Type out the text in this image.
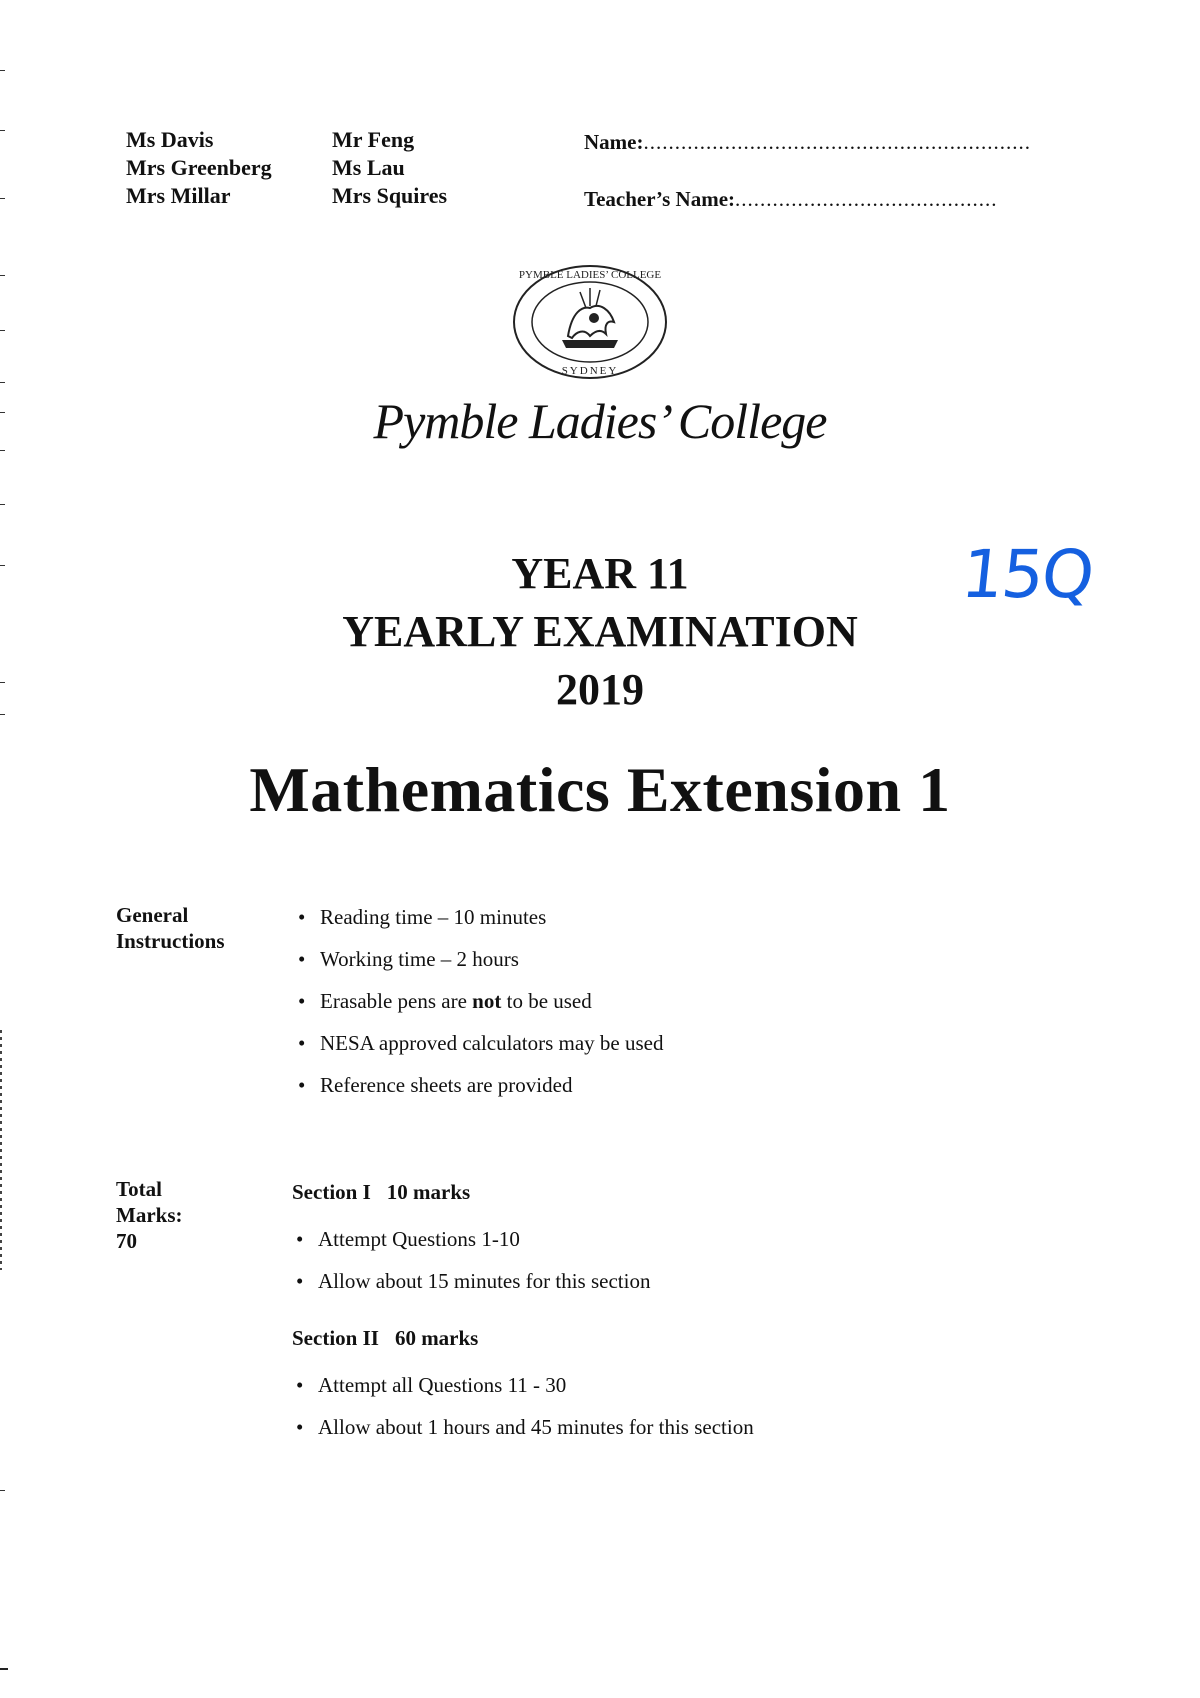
Ms Davis
Mrs Greenberg
Mrs Millar
Mr Feng
Ms Lau
Mrs Squires
Name:..............................................................
Teacher’s Name:..........................................
PYMBLE LADIES’ COLLEGE
SYDNEY
Pymble Ladies’ College
15Q
YEAR 11
YEARLY EXAMINATION
2019
Mathematics Extension 1
General
Instructions
• Reading time – 10 minutes
• Working time – 2 hours
• Erasable pens are not to be used
• NESA approved calculators may be used
• Reference sheets are provided
Total
Marks:
70
Section I 10 marks
• Attempt Questions 1-10
• Allow about 15 minutes for this section
Section II 60 marks
• Attempt all Questions 11 - 30
• Allow about 1 hours and 45 minutes for this section
